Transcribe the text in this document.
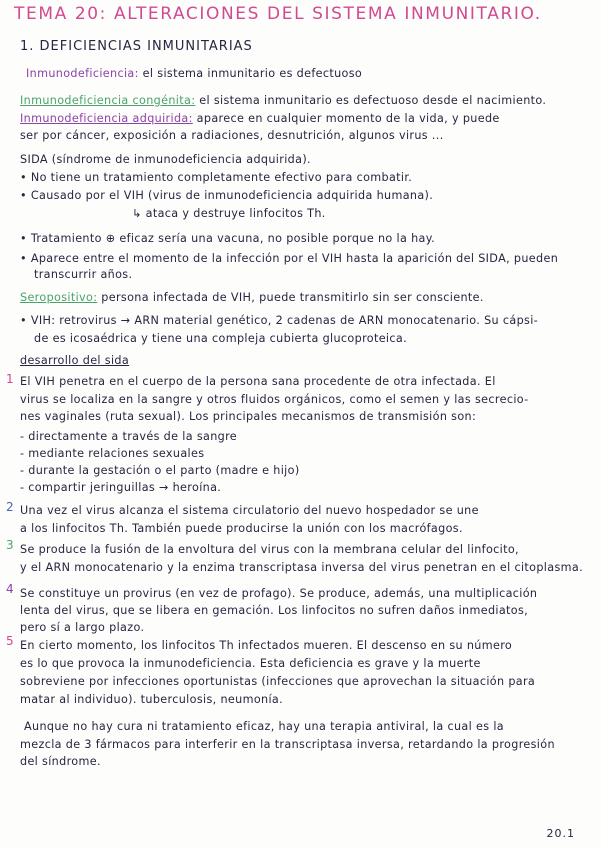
TEMA 20: ALTERACIONES DEL SISTEMA INMUNITARIO.
1. DEFICIENCIAS INMUNITARIAS
Inmunodeficiencia: el sistema inmunitario es defectuoso
Inmunodeficiencia congénita: el sistema inmunitario es defectuoso desde el nacimiento.
Inmunodeficiencia adquirida: aparece en cualquier momento de la vida, y puede
ser por cáncer, exposición a radiaciones, desnutrición, algunos virus ...
SIDA (síndrome de inmunodeficiencia adquirida).
• No tiene un tratamiento completamente efectivo para combatir.
• Causado por el VIH (virus de inmunodeficiencia adquirida humana).
↳ ataca y destruye linfocitos Th.
• Tratamiento ⊕ eficaz sería una vacuna, no posible porque no la hay.
• Aparece entre el momento de la infección por el VIH hasta la aparición del SIDA, pueden
transcurrir años.
Seropositivo: persona infectada de VIH, puede transmitirlo sin ser consciente.
• VIH: retrovirus → ARN material genético, 2 cadenas de ARN monocatenario. Su cápsi-
de es icosaédrica y tiene una compleja cubierta glucoproteica.
desarrollo del sida
1 El VIH penetra en el cuerpo de la persona sana procedente de otra infectada. El
virus se localiza en la sangre y otros fluidos orgánicos, como el semen y las secrecio-
nes vaginales (ruta sexual). Los principales mecanismos de transmisión son:
- directamente a través de la sangre
- mediante relaciones sexuales
- durante la gestación o el parto (madre e hijo)
- compartir jeringuillas → heroína.
2 Una vez el virus alcanza el sistema circulatorio del nuevo hospedador se une
a los linfocitos Th. También puede producirse la unión con los macrófagos.
3 Se produce la fusión de la envoltura del virus con la membrana celular del linfocito,
y el ARN monocatenario y la enzima transcriptasa inversa del virus penetran en el citoplasma.
4 Se constituye un provirus (en vez de profago). Se produce, además, una multiplicación
lenta del virus, que se libera en gemación. Los linfocitos no sufren daños inmediatos,
pero sí a largo plazo.
5 En cierto momento, los linfocitos Th infectados mueren. El descenso en su número
es lo que provoca la inmunodeficiencia. Esta deficiencia es grave y la muerte
sobreviene por infecciones oportunistas (infecciones que aprovechan la situación para
matar al individuo). tuberculosis, neumonía.
Aunque no hay cura ni tratamiento eficaz, hay una terapia antiviral, la cual es la
mezcla de 3 fármacos para interferir en la transcriptasa inversa, retardando la progresión
del síndrome.
20.1
